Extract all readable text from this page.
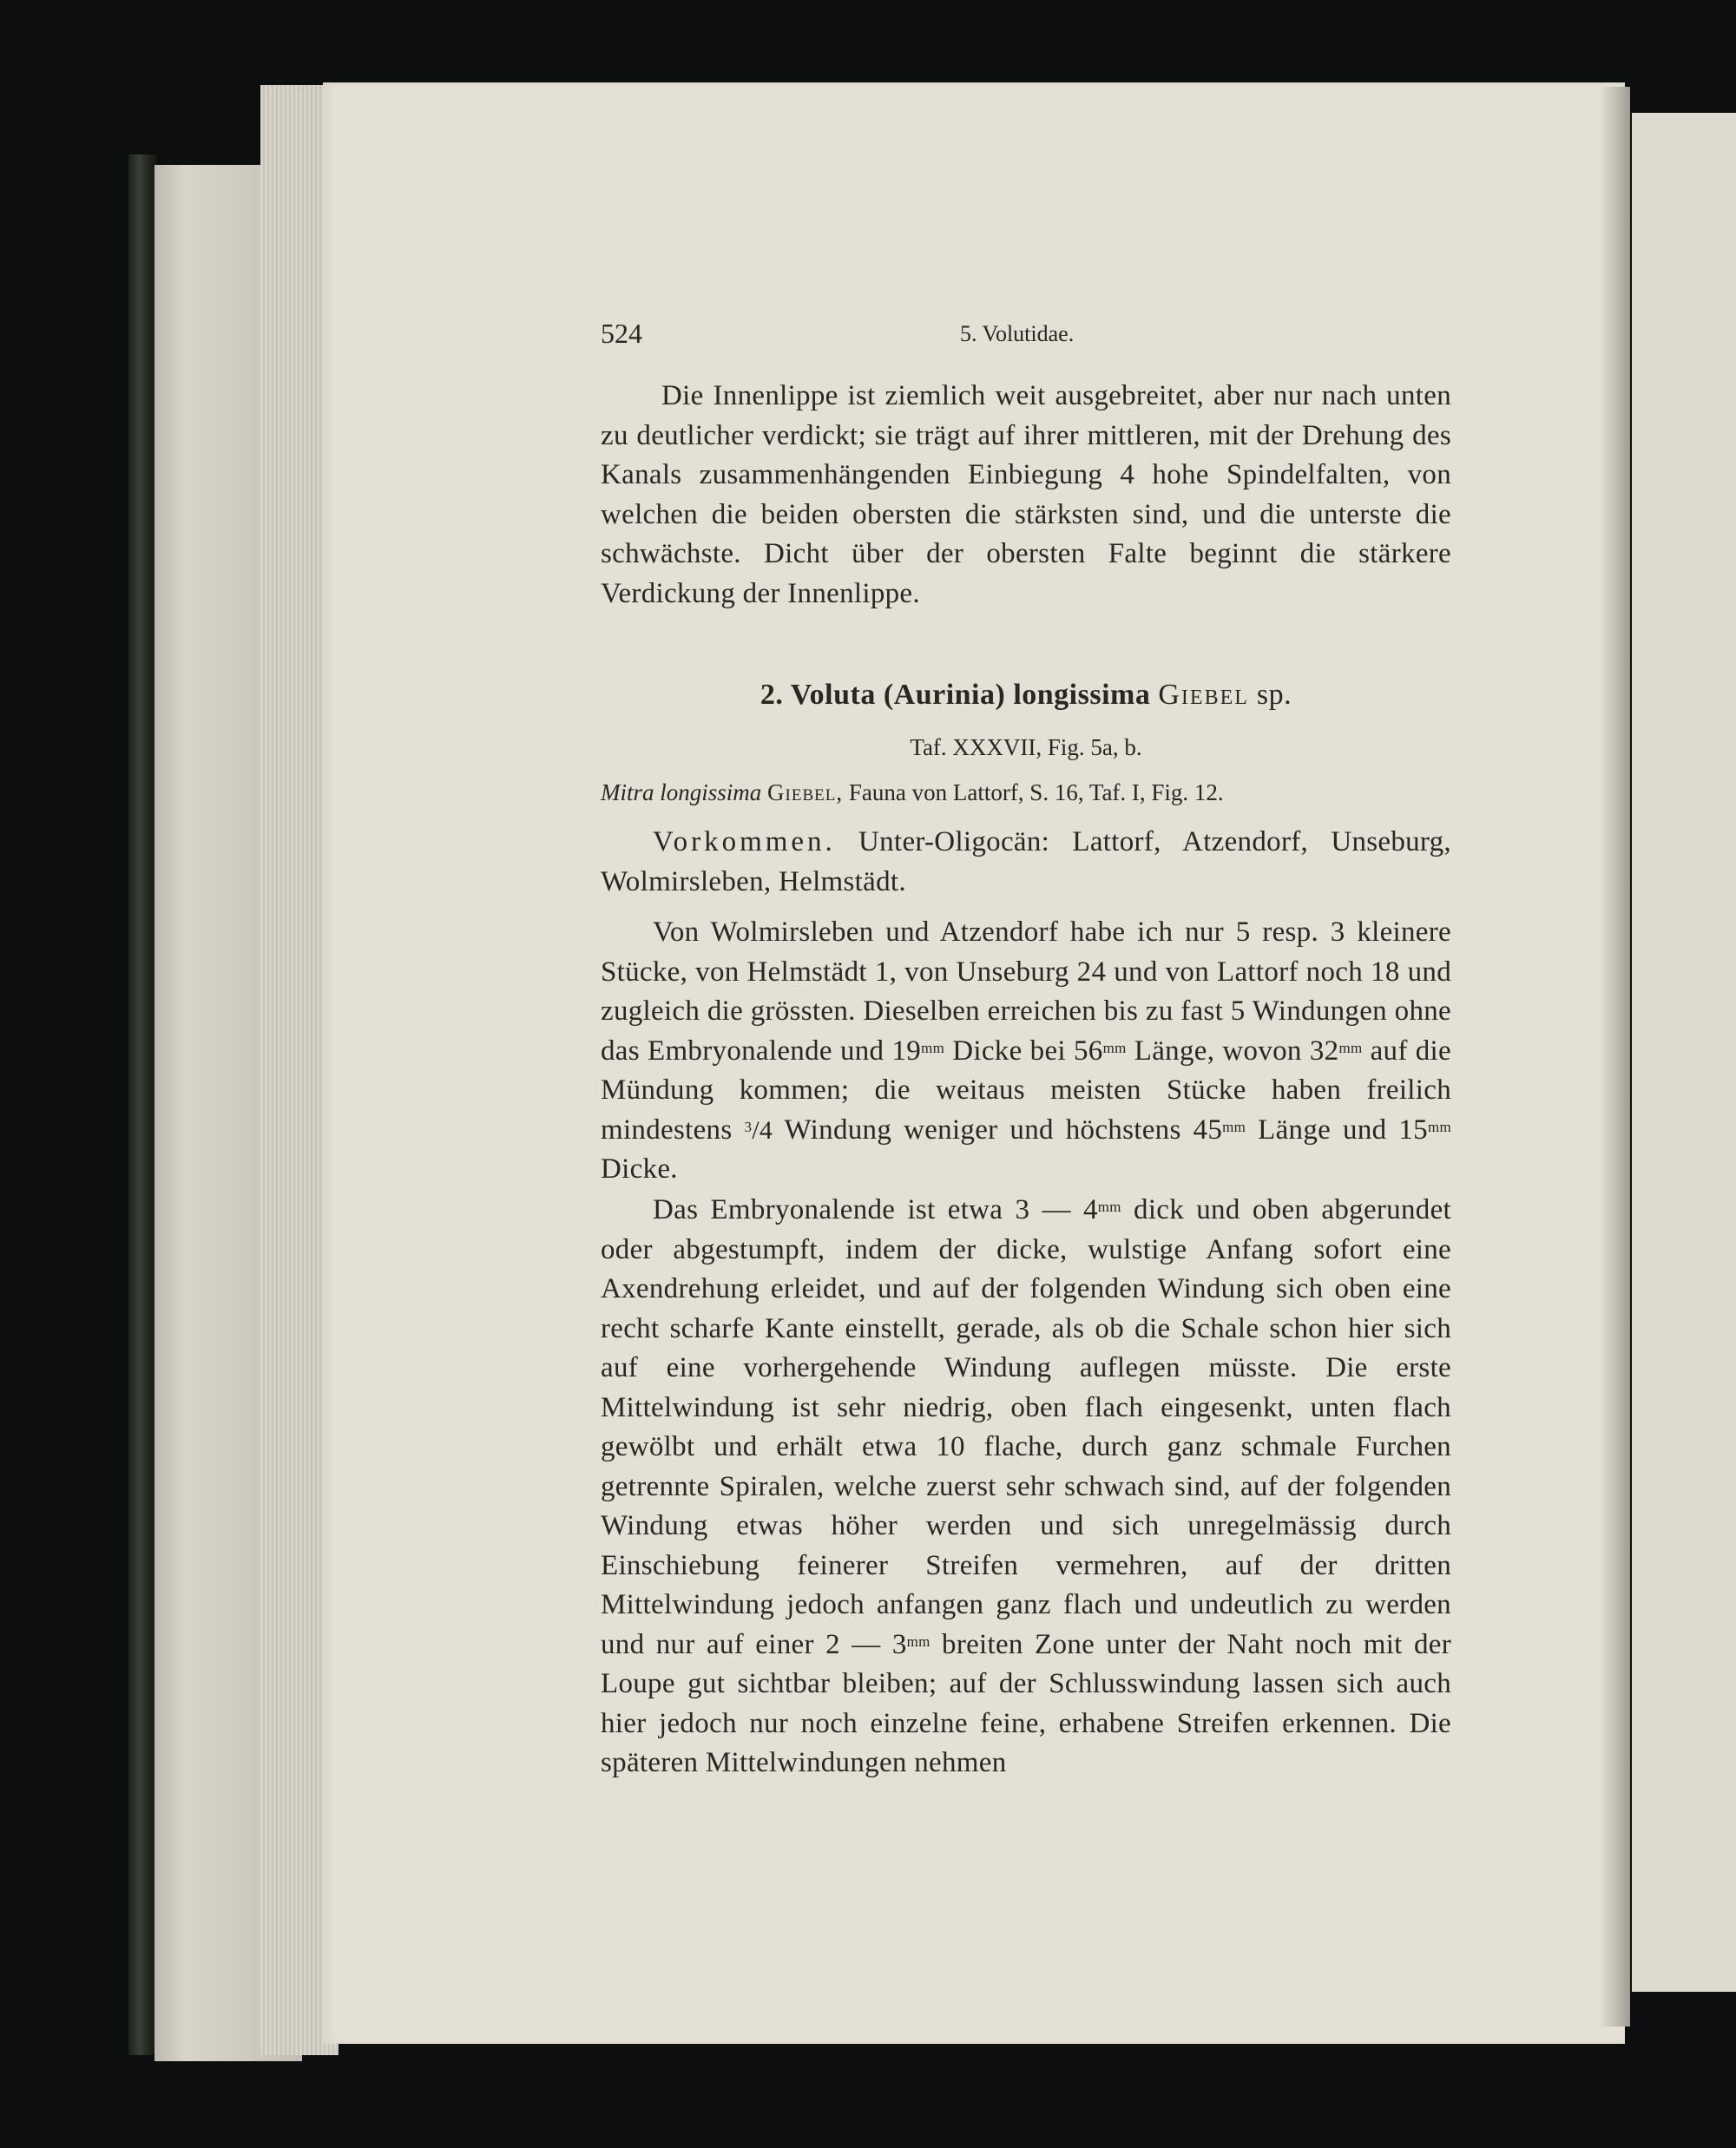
524	5. Volutidae.

Die Innenlippe ist ziemlich weit ausgebreitet, aber nur nach unten zu deutlicher verdickt; sie trägt auf ihrer mittleren, mit der Drehung des Kanals zusammenhängenden Einbiegung 4 hohe Spindelfalten, von welchen die beiden obersten die stärksten sind, und die unterste die schwächste. Dicht über der obersten Falte beginnt die stärkere Verdickung der Innenlippe.

2. Voluta (Aurinia) longissima Giebel sp.
Taf. XXXVII, Fig. 5a, b.
Mitra longissima Giebel, Fauna von Lattorf, S. 16, Taf. I, Fig. 12.

Vorkommen. Unter-Oligocän: Lattorf, Atzendorf, Unseburg, Wolmirsleben, Helmstädt.

Von Wolmirsleben und Atzendorf habe ich nur 5 resp. 3 kleinere Stücke, von Helmstädt 1, von Unseburg 24 und von Lattorf noch 18 und zugleich die grössten. Dieselben erreichen bis zu fast 5 Windungen ohne das Embryonalende und $19^{mm}$ Dicke bei $56^{mm}$ Länge, wovon $32^{mm}$ auf die Mündung kommen; die weitaus meisten Stücke haben freilich mindestens $^3$/4 Windung weniger und höchstens $45^{mm}$ Länge und $15^{mm}$ Dicke.

Das Embryonalende ist etwa 3 — $4^{mm}$ dick und oben abgerundet oder abgestumpft, indem der dicke, wulstige Anfang sofort eine Axendrehung erleidet, und auf der folgenden Windung sich oben eine recht scharfe Kante einstellt, gerade, als ob die Schale schon hier sich auf eine vorhergehende Windung auflegen müsste. Die erste Mittelwindung ist sehr niedrig, oben flach eingesenkt, unten flach gewölbt und erhält etwa 10 flache, durch ganz schmale Furchen getrennte Spiralen, welche zuerst sehr schwach sind, auf der folgenden Windung etwas höher werden und sich unregelmässig durch Einschiebung feinerer Streifen vermehren, auf der dritten Mittelwindung jedoch anfangen ganz flach und undeutlich zu werden und nur auf einer 2 — $3^{mm}$ breiten Zone unter der Naht noch mit der Loupe gut sichtbar bleiben; auf der Schlusswindung lassen sich auch hier jedoch nur noch einzelne feine, erhabene Streifen erkennen. Die späteren Mittelwindungen nehmen
